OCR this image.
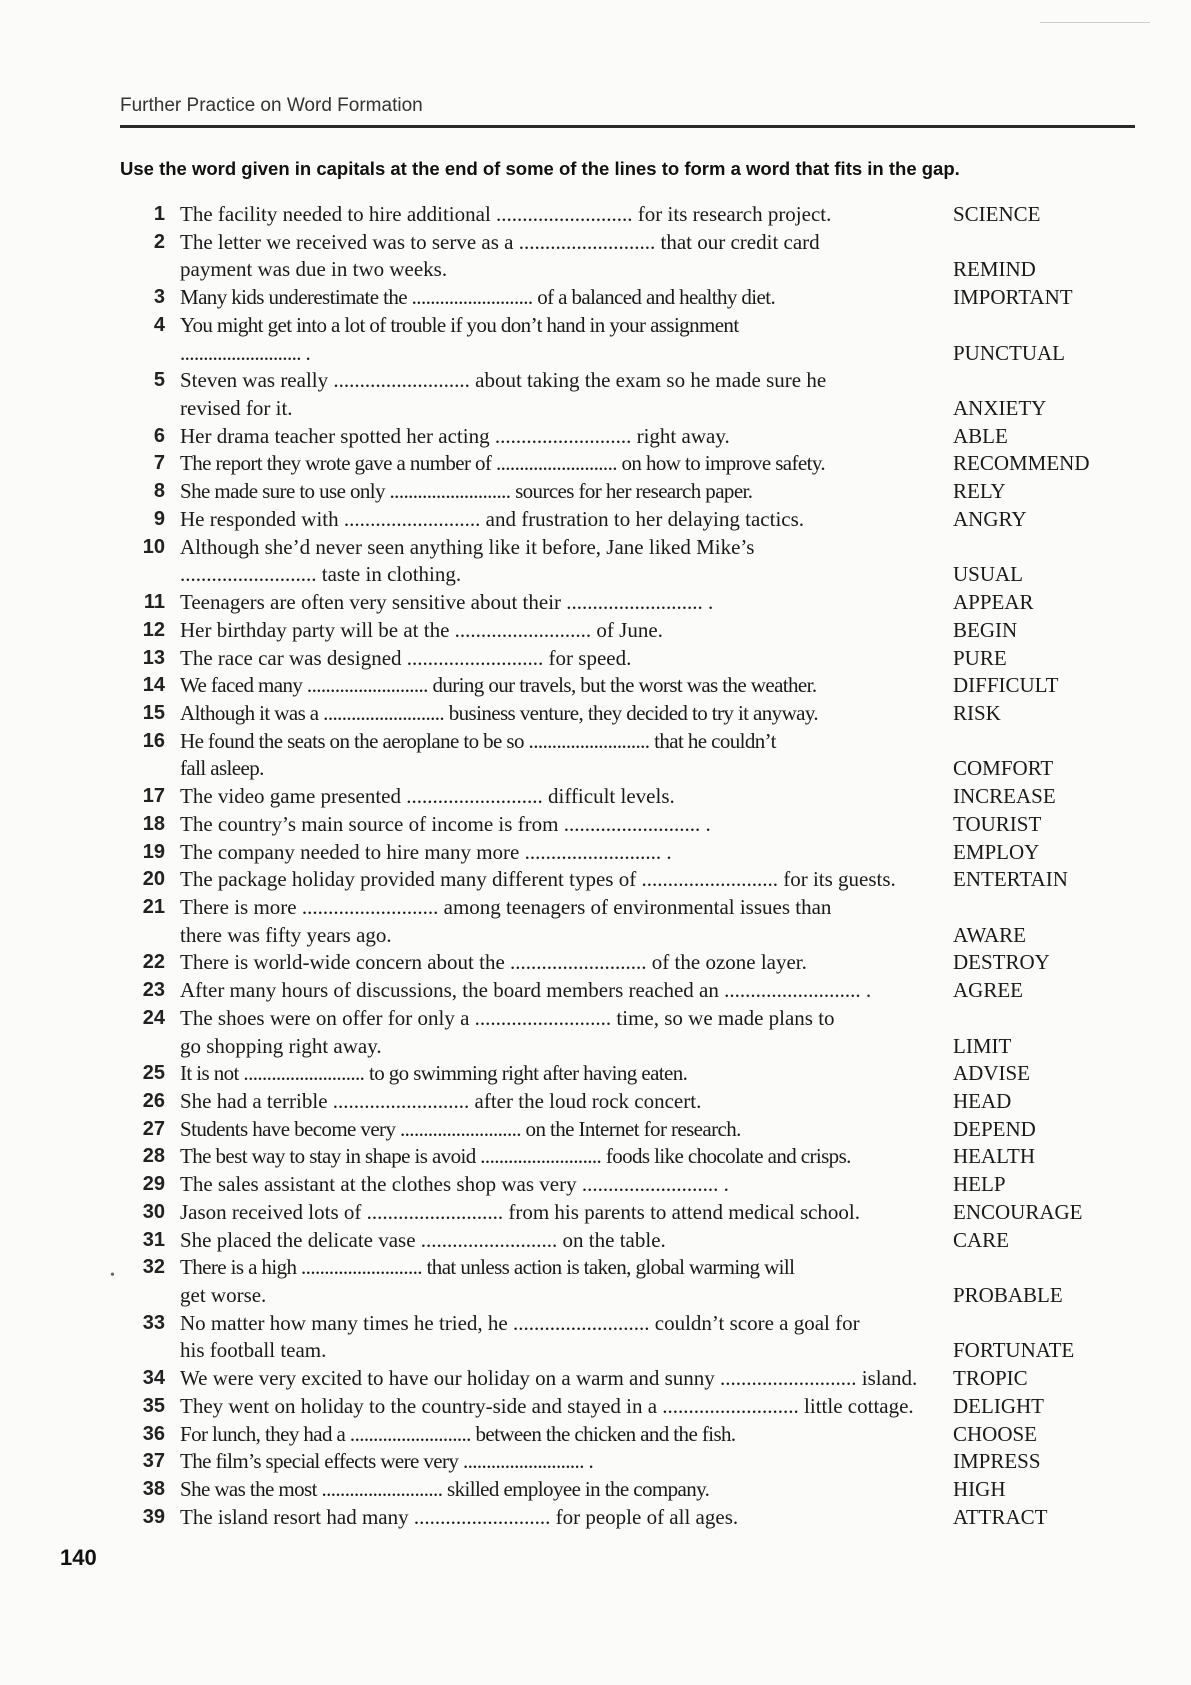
Further Practice on Word Formation
Use the word given in capitals at the end of some of the lines to form a word that fits in the gap.
1 The facility needed to hire additional .......................... for its research project.	SCIENCE
2 The letter we received was to serve as a .......................... that our credit card
payment was due in two weeks.	REMIND
3 Many kids underestimate the .......................... of a balanced and healthy diet.	IMPORTANT
4 You might get into a lot of trouble if you don’t hand in your assignment
.......................... .	PUNCTUAL
5 Steven was really .......................... about taking the exam so he made sure he
revised for it.	ANXIETY
6 Her drama teacher spotted her acting .......................... right away.	ABLE
7 The report they wrote gave a number of .......................... on how to improve safety.	RECOMMEND
8 She made sure to use only .......................... sources for her research paper.	RELY
9 He responded with .......................... and frustration to her delaying tactics.	ANGRY
10 Although she’d never seen anything like it before, Jane liked Mike’s
.......................... taste in clothing.	USUAL
11 Teenagers are often very sensitive about their .......................... .	APPEAR
12 Her birthday party will be at the .......................... of June.	BEGIN
13 The race car was designed .......................... for speed.	PURE
14 We faced many .......................... during our travels, but the worst was the weather.	DIFFICULT
15 Although it was a .......................... business venture, they decided to try it anyway.	RISK
16 He found the seats on the aeroplane to be so .......................... that he couldn’t
fall asleep.	COMFORT
17 The video game presented .......................... difficult levels.	INCREASE
18 The country’s main source of income is from .......................... .	TOURIST
19 The company needed to hire many more .......................... .	EMPLOY
20 The package holiday provided many different types of .......................... for its guests.	ENTERTAIN
21 There is more .......................... among teenagers of environmental issues than
there was fifty years ago.	AWARE
22 There is world-wide concern about the .......................... of the ozone layer.	DESTROY
23 After many hours of discussions, the board members reached an .......................... .	AGREE
24 The shoes were on offer for only a .......................... time, so we made plans to
go shopping right away.	LIMIT
25 It is not .......................... to go swimming right after having eaten.	ADVISE
26 She had a terrible .......................... after the loud rock concert.	HEAD
27 Students have become very .......................... on the Internet for research.	DEPEND
28 The best way to stay in shape is avoid .......................... foods like chocolate and crisps.	HEALTH
29 The sales assistant at the clothes shop was very .......................... .	HELP
30 Jason received lots of .......................... from his parents to attend medical school.	ENCOURAGE
31 She placed the delicate vase .......................... on the table.	CARE
32 There is a high .......................... that unless action is taken, global warming will
get worse.	PROBABLE
33 No matter how many times he tried, he .......................... couldn’t score a goal for
his football team.	FORTUNATE
34 We were very excited to have our holiday on a warm and sunny .......................... island. TROPIC
35 They went on holiday to the country-side and stayed in a .......................... little cottage. DELIGHT
36 For lunch, they had a .......................... between the chicken and the fish.	CHOOSE
37 The film’s special effects were very .......................... .	IMPRESS
38 She was the most .......................... skilled employee in the company.	HIGH
39 The island resort had many .......................... for people of all ages.	ATTRACT
•
140
